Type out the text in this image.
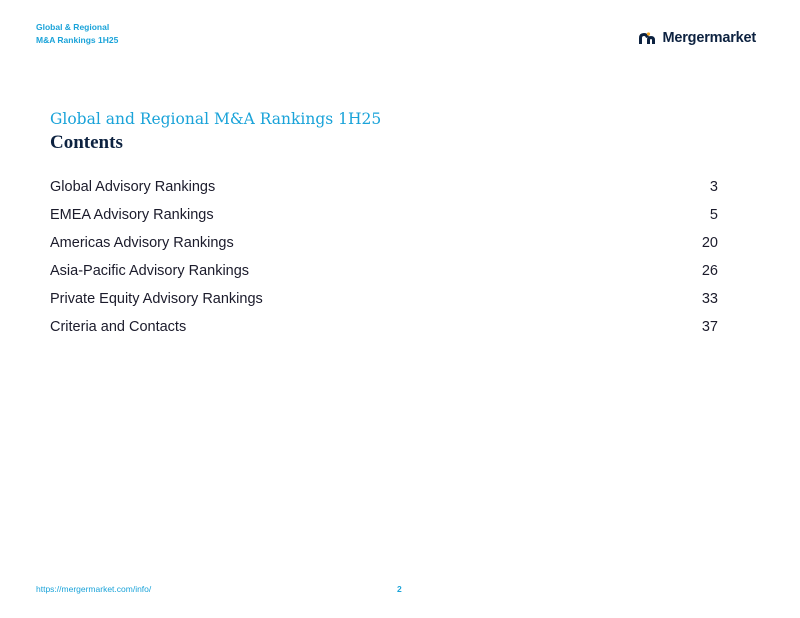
Global & Regional
M&A Rankings 1H25	Mergermarket
Global and Regional M&A Rankings 1H25
Contents
Global Advisory Rankings	3
EMEA Advisory Rankings	5
Americas Advisory Rankings	20
Asia-Pacific Advisory Rankings	26
Private Equity Advisory Rankings	33
Criteria and Contacts	37
https://mergermarket.com/info/	2
